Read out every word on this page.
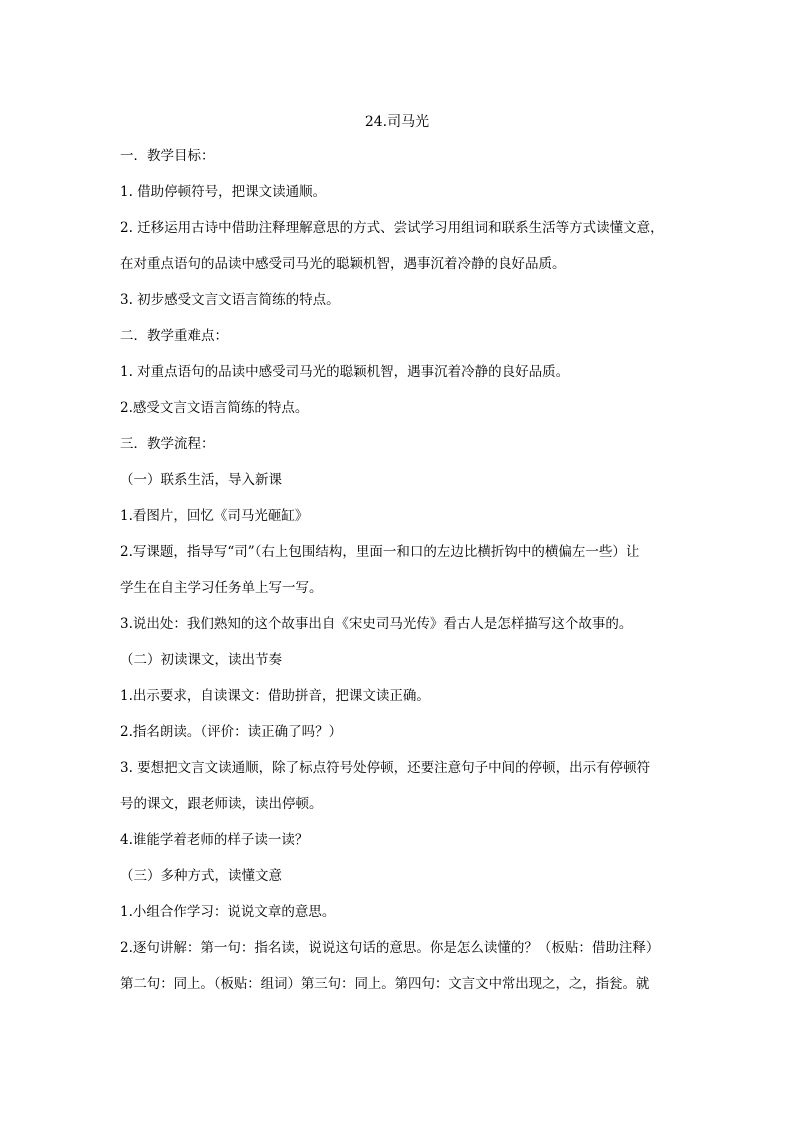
24.司马光
一．教学目标：
1. 借助停顿符号，把课文读通顺。
2. 迁移运用古诗中借助注释理解意思的方式、尝试学习用组词和联系生活等方式读懂文意，
在对重点语句的品读中感受司马光的聪颖机智，遇事沉着冷静的良好品质。
3. 初步感受文言文语言简练的特点。
二．教学重难点：
1. 对重点语句的品读中感受司马光的聪颖机智，遇事沉着冷静的良好品质。
2.感受文言文语言简练的特点。
三．教学流程：
（一）联系生活，导入新课
1.看图片，回忆《司马光砸缸》
2.写课题，指导写“司”（右上包围结构，里面一和口的左边比横折钩中的横偏左一些）让
学生在自主学习任务单上写一写。
3.说出处：我们熟知的这个故事出自《宋史司马光传》看古人是怎样描写这个故事的。
（二）初读课文，读出节奏
1.出示要求，自读课文：借助拼音，把课文读正确。
2.指名朗读。（评价：读正确了吗？）
3. 要想把文言文读通顺，除了标点符号处停顿，还要注意句子中间的停顿，出示有停顿符
号的课文，跟老师读，读出停顿。
4.谁能学着老师的样子读一读？
（三）多种方式，读懂文意
1.小组合作学习：说说文章的意思。
2.逐句讲解：第一句：指名读，说说这句话的意思。你是怎么读懂的？（板贴：借助注释）
第二句：同上。（板贴：组词）第三句：同上。第四句：文言文中常出现之，之，指瓮。就
